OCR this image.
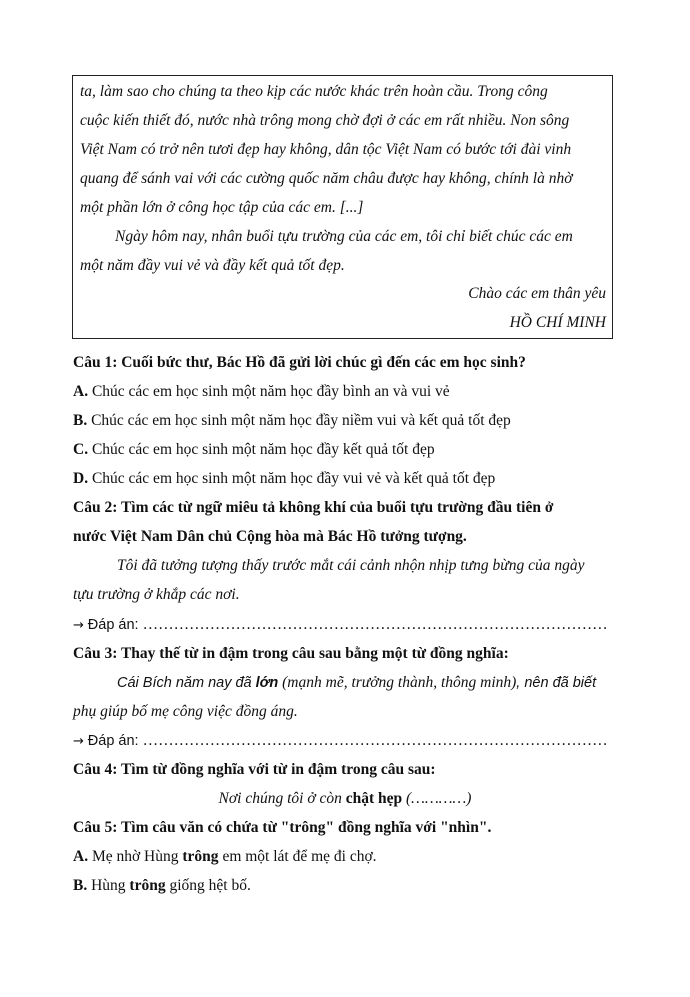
ta, làm sao cho chúng ta theo kịp các nước khác trên hoàn cầu. Trong công
cuộc kiến thiết đó, nước nhà trông mong chờ đợi ở các em rất nhiều. Non sông
Việt Nam có trở nên tươi đẹp hay không, dân tộc Việt Nam có bước tới đài vinh
quang để sánh vai với các cường quốc năm châu được hay không, chính là nhờ
một phần lớn ở công học tập của các em. [...]
Ngày hôm nay, nhân buổi tựu trường của các em, tôi chỉ biết chúc các em
một năm đầy vui vẻ và đầy kết quả tốt đẹp.
Chào các em thân yêu
HỒ CHÍ MINH
Câu 1: Cuối bức thư, Bác Hồ đã gửi lời chúc gì đến các em học sinh?
A. Chúc các em học sinh một năm học đầy bình an và vui vẻ
B. Chúc các em học sinh một năm học đầy niềm vui và kết quả tốt đẹp
C. Chúc các em học sinh một năm học đầy kết quả tốt đẹp
D. Chúc các em học sinh một năm học đầy vui vẻ và kết quả tốt đẹp
Câu 2: Tìm các từ ngữ miêu tả không khí của buổi tựu trường đầu tiên ở
nước Việt Nam Dân chủ Cộng hòa mà Bác Hồ tưởng tượng.
Tôi đã tưởng tượng thấy trước mắt cái cảnh nhộn nhịp tưng bừng của ngày
tựu trường ở khắp các nơi.
→ Đáp án: ………………………………………………………………………………
Câu 3: Thay thế từ in đậm trong câu sau bằng một từ đồng nghĩa:
Cái Bích năm nay đã lớn (mạnh mẽ, trưởng thành, thông minh), nên đã biết
phụ giúp bố mẹ công việc đồng áng.
→ Đáp án: ………………………………………………………………………………
Câu 4: Tìm từ đồng nghĩa với từ in đậm trong câu sau:
Nơi chúng tôi ở còn chật hẹp (…………)
Câu 5: Tìm câu văn có chứa từ "trông" đồng nghĩa với "nhìn".
A. Mẹ nhờ Hùng trông em một lát để mẹ đi chợ.
B. Hùng trông giống hệt bố.
